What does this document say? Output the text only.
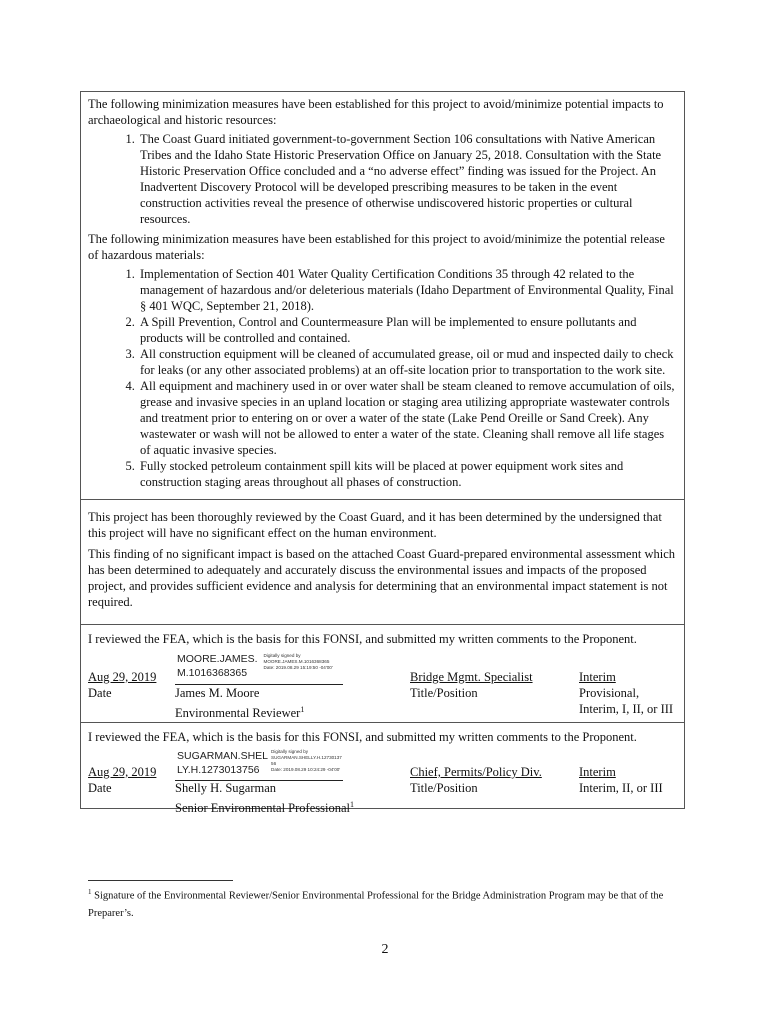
The following minimization measures have been established for this project to avoid/minimize potential impacts to archaeological and historic resources:

1. The Coast Guard initiated government-to-government Section 106 consultations with Native American Tribes and the Idaho State Historic Preservation Office on January 25, 2018. Consultation with the State Historic Preservation Office concluded and a “no adverse effect” finding was issued for the Project. An Inadvertent Discovery Protocol will be developed prescribing measures to be taken in the event construction activities reveal the presence of otherwise undiscovered historic properties or cultural resources.

The following minimization measures have been established for this project to avoid/minimize the potential release of hazardous materials:

1. Implementation of Section 401 Water Quality Certification Conditions 35 through 42 related to the management of hazardous and/or deleterious materials (Idaho Department of Environmental Quality, Final § 401 WQC, September 21, 2018).
2. A Spill Prevention, Control and Countermeasure Plan will be implemented to ensure pollutants and products will be controlled and contained.
3. All construction equipment will be cleaned of accumulated grease, oil or mud and inspected daily to check for leaks (or any other associated problems) at an off-site location prior to transportation to the work site.
4. All equipment and machinery used in or over water shall be steam cleaned to remove accumulation of oils, grease and invasive species in an upland location or staging area utilizing appropriate wastewater controls and treatment prior to entering on or over a water of the state (Lake Pend Oreille or Sand Creek). Any wastewater or wash will not be allowed to enter a water of the state. Cleaning shall remove all life stages of aquatic invasive species.
5. Fully stocked petroleum containment spill kits will be placed at power equipment work sites and construction staging areas throughout all phases of construction.

This project has been thoroughly reviewed by the Coast Guard, and it has been determined by the undersigned that this project will have no significant effect on the human environment.

This finding of no significant impact is based on the attached Coast Guard-prepared environmental assessment which has been determined to adequately and accurately discuss the environmental issues and impacts of the proposed project, and provides sufficient evidence and analysis for determining that an environmental impact statement is not required.

I reviewed the FEA, which is the basis for this FONSI, and submitted my written comments to the Proponent.
MOORE.JAMES.
M.1016368365
Digitally signed by
MOORE.JAMES.M.1016368365
Date: 2019.08.29 15:19:50 -04'00'
Aug 29, 2019
Date	James M. Moore
Environmental Reviewer$^1$
Bridge Mgmt. Specialist
Title/Position
Interim
Provisional,
Interim, I, II, or III
I reviewed the FEA, which is the basis for this FONSI, and submitted my written comments to the Proponent.
SUGARMAN.SHEL
LY.H.1273013756
Digitally signed by
SUGARMAN.SHELLY.H.12730137
56
Date: 2019.08.29 10:24:29 -04'00'
Aug 29, 2019
Date	Shelly H. Sugarman
Senior Environmental Professional$^1$
Chief, Permits/Policy Div.
Title/Position
Interim
Interim, II, or III
$^1$ Signature of the Environmental Reviewer/Senior Environmental Professional for the Bridge Administration Program may be that of the Preparer’s.
2
